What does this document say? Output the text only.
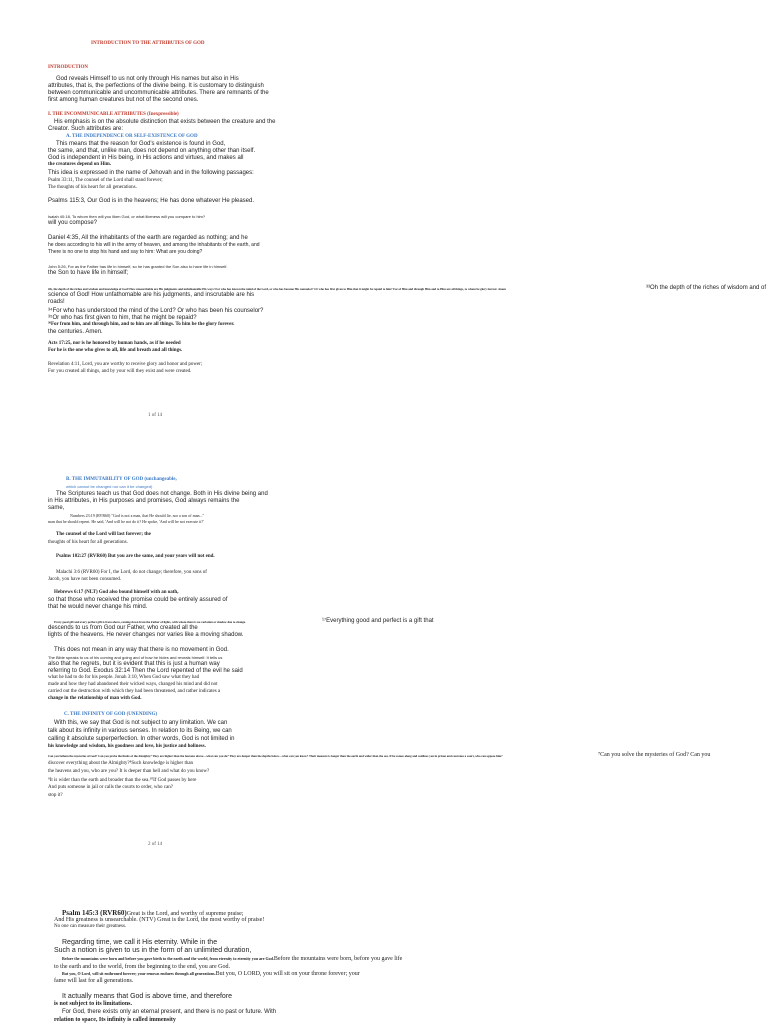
INTRODUCTION TO THE ATTRIBUTES OF GOD

INTRODUCTION

God reveals Himself to us not only through His names but also in His

attributes, that is, the perfections of the divine being. It is customary to distinguish

between communicable and uncommunicable attributes. There are remnants of the

first among human creatures but not of the second ones.

I. THE INCOMMUNICABLE ATTRIBUTES (Inexpressible)

His emphasis is on the absolute distinction that exists between the creature and the

Creator. Such attributes are:

A. THE INDEPENDENCE OR SELF-EXISTENCE OF GOD

This means that the reason for God's existence is found in God,

the same, and that, unlike man, does not depend on anything other than itself.

God is independent in His being, in His actions and virtues, and makes all

the creatures depend on Him.

This idea is expressed in the name of Jehovah and in the following passages:

Psalm 33:11, The counsel of the Lord shall stand forever;

The thoughts of his heart for all generations.

Psalms 115:3, Our God is in the heavens; He has done whatever He pleased.

Isaiah 40:18, To whom then will you liken God, or what likeness will you compare to him?

will you compose?

Daniel 4:35, All the inhabitants of the earth are regarded as nothing; and he

he does according to his will in the army of heaven, and among the inhabitants of the earth, and

There is no one to stop his hand and say to him: What are you doing?

John 5:26, For as the Father has life in himself, so he has granted the Son also to have life in himself.

the Son to have life in himself;

Oh, the depth of the riches and wisdom and knowledge of God! How unsearchable are His judgments and unfathomable His ways! For who has known the mind of the Lord, or who has become His counselor? Or who has first given to Him that it might be repaid to him? For of Him and through Him and to Him are all things, to whom be glory forever. Amen.	³³Oh the depth of the riches of wisdom and of

science of God! How unfathomable are his judgments, and inscrutable are his

roads!

³⁴For who has understood the mind of the Lord? Or who has been his counselor?

³⁵Or who has first given to him, that he might be repaid?

³⁶For from him, and through him, and to him are all things. To him be the glory forever.

the centuries. Amen.

Acts 17:25, nor is he honored by human hands, as if he needed

For he is the one who gives to all, life and breath and all things.

Revelation 4:11, Lord, you are worthy to receive glory and honor and power;

For you created all things, and by your will they exist and were created.

1 of 14

B. THE IMMUTABILITY OF GOD (unchangeable,

which cannot be changed nor can it be changed)

The Scriptures teach us that God does not change. Both in His divine being and

in His attributes, in His purposes and promises, God always remains the

same,

Numbers 23:19 (RVR60) "God is not a man, that He should lie, nor a son of man..."

man that he should repent. He said, 'And will he not do it? He spoke, 'And will he not execute it?'

The counsel of the Lord will last forever; the

thoughts of his heart for all generations.

Psalms 102:27 (RVR60) But you are the same, and your years will not end.

Malachi 3:6 (RVR60) For I, the Lord, do not change; therefore, you sons of

Jacob, you have not been consumed.

Hebrews 6:17 (NLT) God also bound himself with an oath,

so that those who received the promise could be entirely assured of

that he would never change his mind.

Every good gift and every perfect gift is from above, coming down from the Father of lights, with whom there is no variation or shadow due to change.	¹⁷Everything good and perfect is a gift that

descends to us from God our Father, who created all the

lights of the heavens. He never changes nor varies like a moving shadow.

This does not mean in any way that there is no movement in God.

The Bible speaks to us of his coming and going and of how he hides and reveals himself. It tells us

also that he regrets, but it is evident that this is just a human way

referring to God. Exodus 32:14 Then the Lord repented of the evil he said

what he had to do for his people. Jonah 3:10, When God saw what they had

made and how they had abandoned their wicked ways, changed his mind and did not

carried out the destruction with which they had been threatened, and rather indicates a

change in the relationship of man with God.

C. THE INFINITY OF GOD (UNENDING)

With this, we say that God is not subject to any limitation. We can

talk about its infinity in various senses. In relation to its Being, we can

calling it absolute superperfection. In other words, God is not limited in

his knowledge and wisdom, his goodness and love, his justice and holiness.

Can you fathom the mysteries of God? Can you probe the limits of the Almighty? They are higher than the heavens above—what can you do? They are deeper than the depths below—what can you know? Their measure is longer than the earth and wider than the sea. If he comes along and confines you in prison and convenes a court, who can oppose him?	⁷Can you solve the mysteries of God? Can you

discover everything about the Almighty?⁸Such knowledge is higher than

the heavens and you, who are you? It is deeper than hell and what do you know?

⁹It is wider than the earth and broader than the sea.¹⁰If God passes by here

And puts someone in jail or calls the courts to order, who can?

stop it?

2 of 14

Psalm 145:3 (RVR60)Great is the Lord, and worthy of supreme praise;

And His greatness is unsearchable. (NTV) Great is the Lord, the most worthy of praise!

No one can measure their greatness.

Regarding time, we call it His eternity. While in the

Such a notion is given to us in the form of an unlimited duration,

Before the mountains were born and before you gave birth to the earth and the world, from eternity to eternity you are God.Before the mountains were born, before you gave life

to the earth and to the world, from the beginning to the end, you are God.

But you, O Lord, will sit enthroned forever; your renown endures through all generations.But you, O LORD, you will sit on your throne forever; your

fame will last for all generations.

It actually means that God is above time, and therefore

is not subject to its limitations.

For God, there exists only an eternal present, and there is no past or future. With

relation to space, Its infinity is called immensity
